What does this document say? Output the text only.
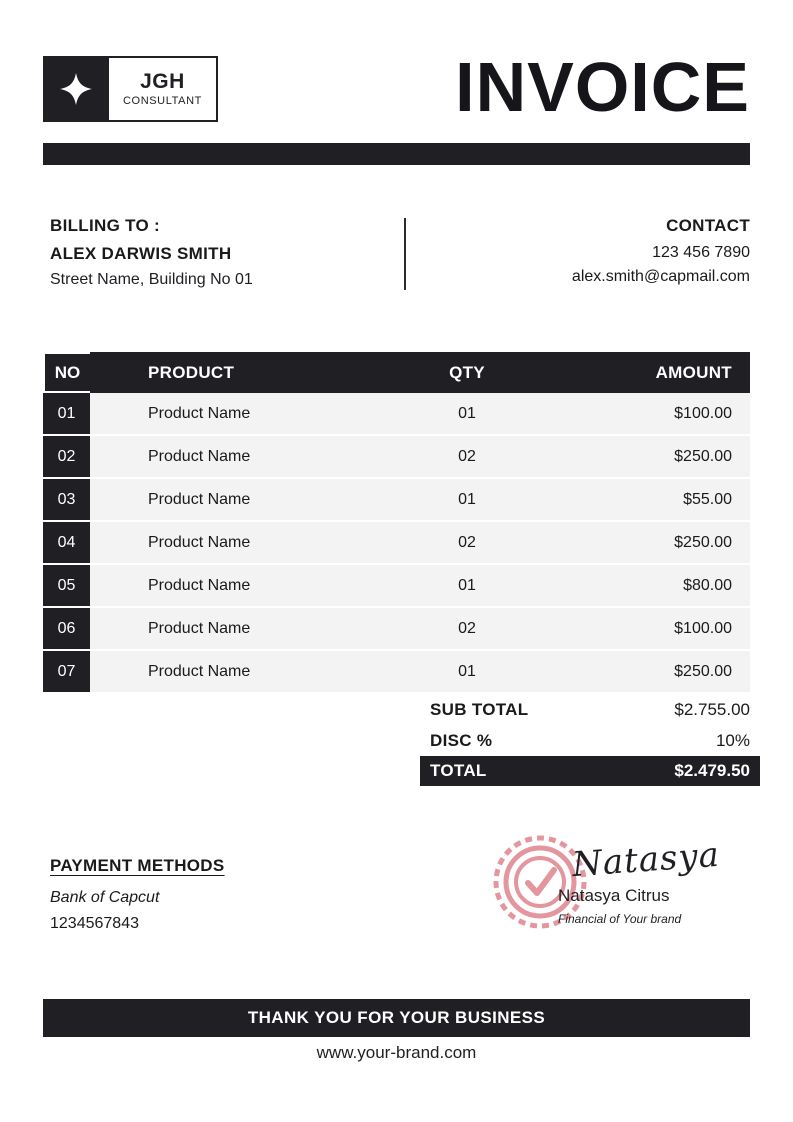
JGH
CONSULTANT	INVOICE
BILLING TO :
ALEX DARWIS SMITH
Street Name, Building No 01
CONTACT
123 456 7890
alex.smith@capmail.com
NO	PRODUCT	QTY	AMOUNT
01	Product Name	01	$100.00
02	Product Name	02	$250.00
03	Product Name	01	$55.00
04	Product Name	02	$250.00
05	Product Name	01	$80.00
06	Product Name	02	$100.00
07	Product Name	01	$250.00
SUB TOTAL	$2.755.00
DISC %	10%
TOTAL	$2.479.50
PAYMENT METHODS
Bank of Capcut
1234567843
Natasya
Natasya Citrus
Financial of Your brand
THANK YOU FOR YOUR BUSINESS
www.your-brand.com
